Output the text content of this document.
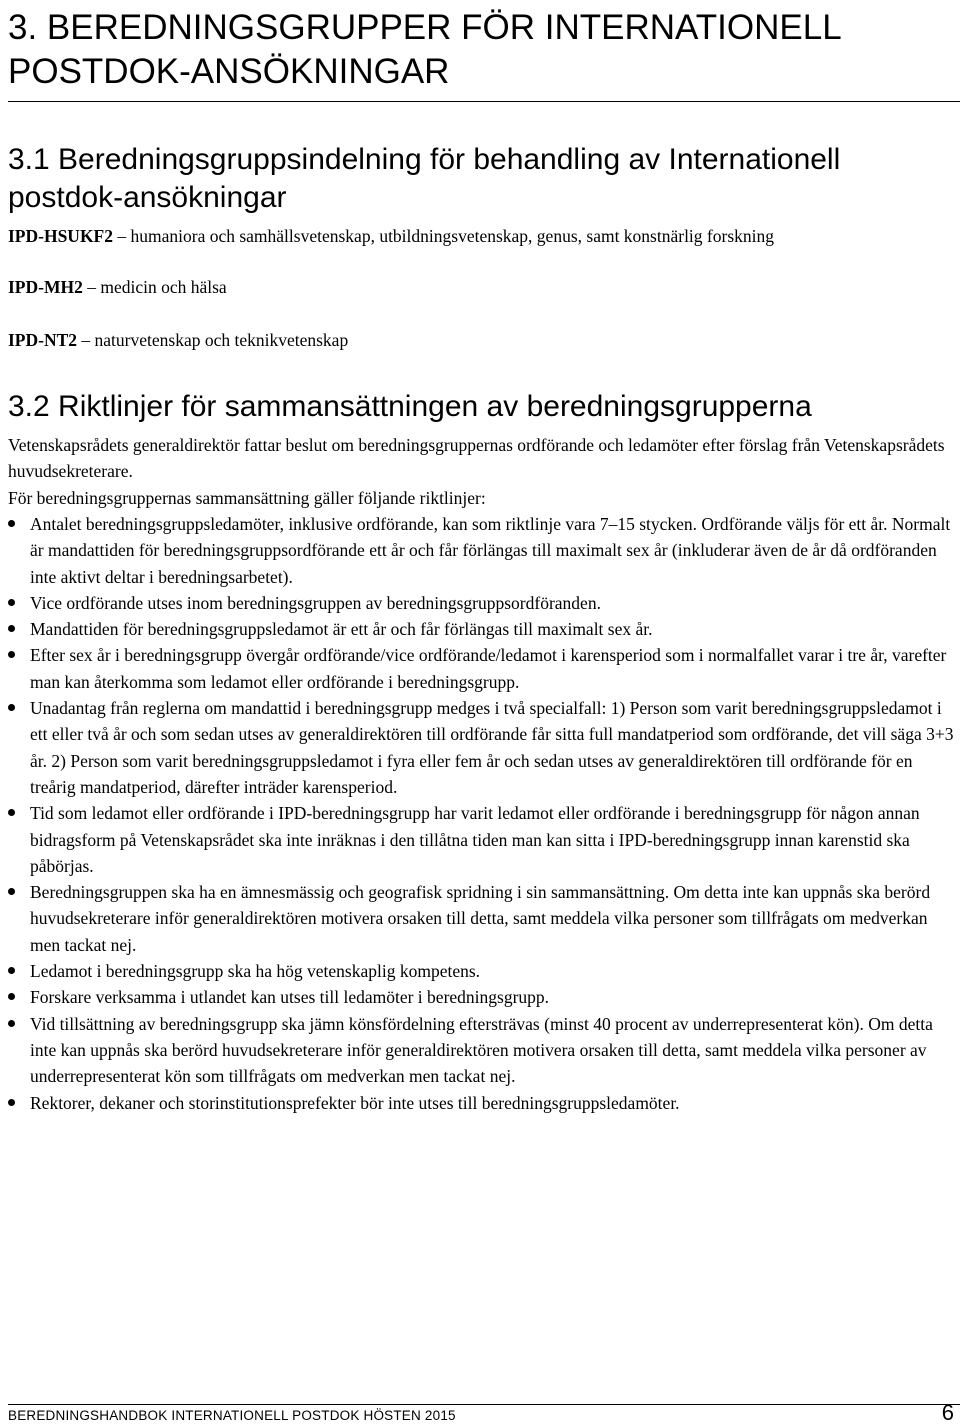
3. BEREDNINGSGRUPPER FÖR INTERNATIONELL POSTDOK-ANSÖKNINGAR
3.1 Beredningsgruppsindelning för behandling av Internationell postdok-ansökningar
IPD-HSUKF2 – humaniora och samhällsvetenskap, utbildningsvetenskap, genus, samt konstnärlig forskning
IPD-MH2 – medicin och hälsa
IPD-NT2 – naturvetenskap och teknikvetenskap
3.2 Riktlinjer för sammansättningen av beredningsgrupperna

Vetenskapsrådets generaldirektör fattar beslut om beredningsgruppernas ordförande och ledamöter efter förslag från Vetenskapsrådets huvudsekreterare.

För beredningsgruppernas sammansättning gäller följande riktlinjer:

Antalet beredningsgruppsledamöter, inklusive ordförande, kan som riktlinje vara 7–15 stycken. Ordförande väljs för ett år. Normalt är mandattiden för beredningsgruppsordförande ett år och får förlängas till maximalt sex år (inkluderar även de år då ordföranden inte aktivt deltar i beredningsarbetet).
Vice ordförande utses inom beredningsgruppen av beredningsgruppsordföranden.
Mandattiden för beredningsgruppsledamot är ett år och får förlängas till maximalt sex år.
Efter sex år i beredningsgrupp övergår ordförande/vice ordförande/ledamot i karensperiod som i normalfallet varar i tre år, varefter man kan återkomma som ledamot eller ordförande i beredningsgrupp.
Unadantag från reglerna om mandattid i beredningsgrupp medges i två specialfall: 1) Person som varit beredningsgruppsledamot i ett eller två år och som sedan utses av generaldirektören till ordförande får sitta full mandatperiod som ordförande, det vill säga 3+3 år. 2) Person som varit beredningsgruppsledamot i fyra eller fem år och sedan utses av generaldirektören till ordförande för en treårig mandatperiod, därefter inträder karensperiod.
Tid som ledamot eller ordförande i IPD-beredningsgrupp har varit ledamot eller ordförande i beredningsgrupp för någon annan bidragsform på Vetenskapsrådet ska inte inräknas i den tillåtna tiden man kan sitta i IPD-beredningsgrupp innan karenstid ska påbörjas.
Beredningsgruppen ska ha en ämnesmässig och geografisk spridning i sin sammansättning. Om detta inte kan uppnås ska berörd huvudsekreterare inför generaldirektören motivera orsaken till detta, samt meddela vilka personer som tillfrågats om medverkan men tackat nej.
Ledamot i beredningsgrupp ska ha hög vetenskaplig kompetens.
Forskare verksamma i utlandet kan utses till ledamöter i beredningsgrupp.
Vid tillsättning av beredningsgrupp ska jämn könsfördelning eftersträvas (minst 40 procent av underrepresenterat kön). Om detta inte kan uppnås ska berörd huvudsekreterare inför generaldirektören motivera orsaken till detta, samt meddela vilka personer av underrepresenterat kön som tillfrågats om medverkan men tackat nej.
Rektorer, dekaner och storinstitutionsprefekter bör inte utses till beredningsgruppsledamöter.
BEREDNINGSHANDBOK INTERNATIONELL POSTDOK HÖSTEN 2015	6
